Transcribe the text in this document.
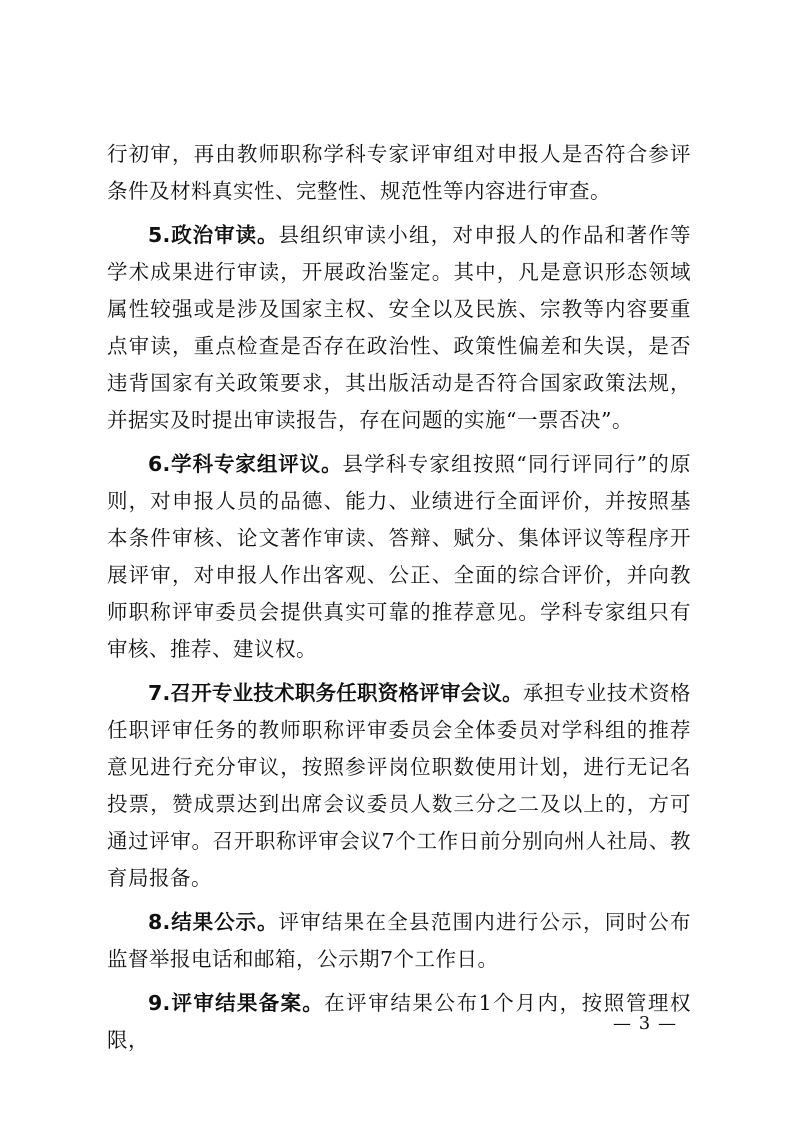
行初审，再由教师职称学科专家评审组对申报人是否符合参评条件及材料真实性、完整性、规范性等内容进行审查。

5.政治审读。县组织审读小组，对申报人的作品和著作等学术成果进行审读，开展政治鉴定。其中，凡是意识形态领域属性较强或是涉及国家主权、安全以及民族、宗教等内容要重点审读，重点检查是否存在政治性、政策性偏差和失误，是否违背国家有关政策要求，其出版活动是否符合国家政策法规，并据实及时提出审读报告，存在问题的实施“一票否决”。

6.学科专家组评议。县学科专家组按照“同行评同行”的原则，对申报人员的品德、能力、业绩进行全面评价，并按照基本条件审核、论文著作审读、答辩、赋分、集体评议等程序开展评审，对申报人作出客观、公正、全面的综合评价，并向教师职称评审委员会提供真实可靠的推荐意见。学科专家组只有审核、推荐、建议权。

7.召开专业技术职务任职资格评审会议。承担专业技术资格任职评审任务的教师职称评审委员会全体委员对学科组的推荐意见进行充分审议，按照参评岗位职数使用计划，进行无记名投票，赞成票达到出席会议委员人数三分之二及以上的，方可通过评审。召开职称评审会议7个工作日前分别向州人社局、教育局报备。

8.结果公示。评审结果在全县范围内进行公示，同时公布监督举报电话和邮箱，公示期7个工作日。

9.评审结果备案。在评审结果公布1个月内，按照管理权限，

— 3 —
